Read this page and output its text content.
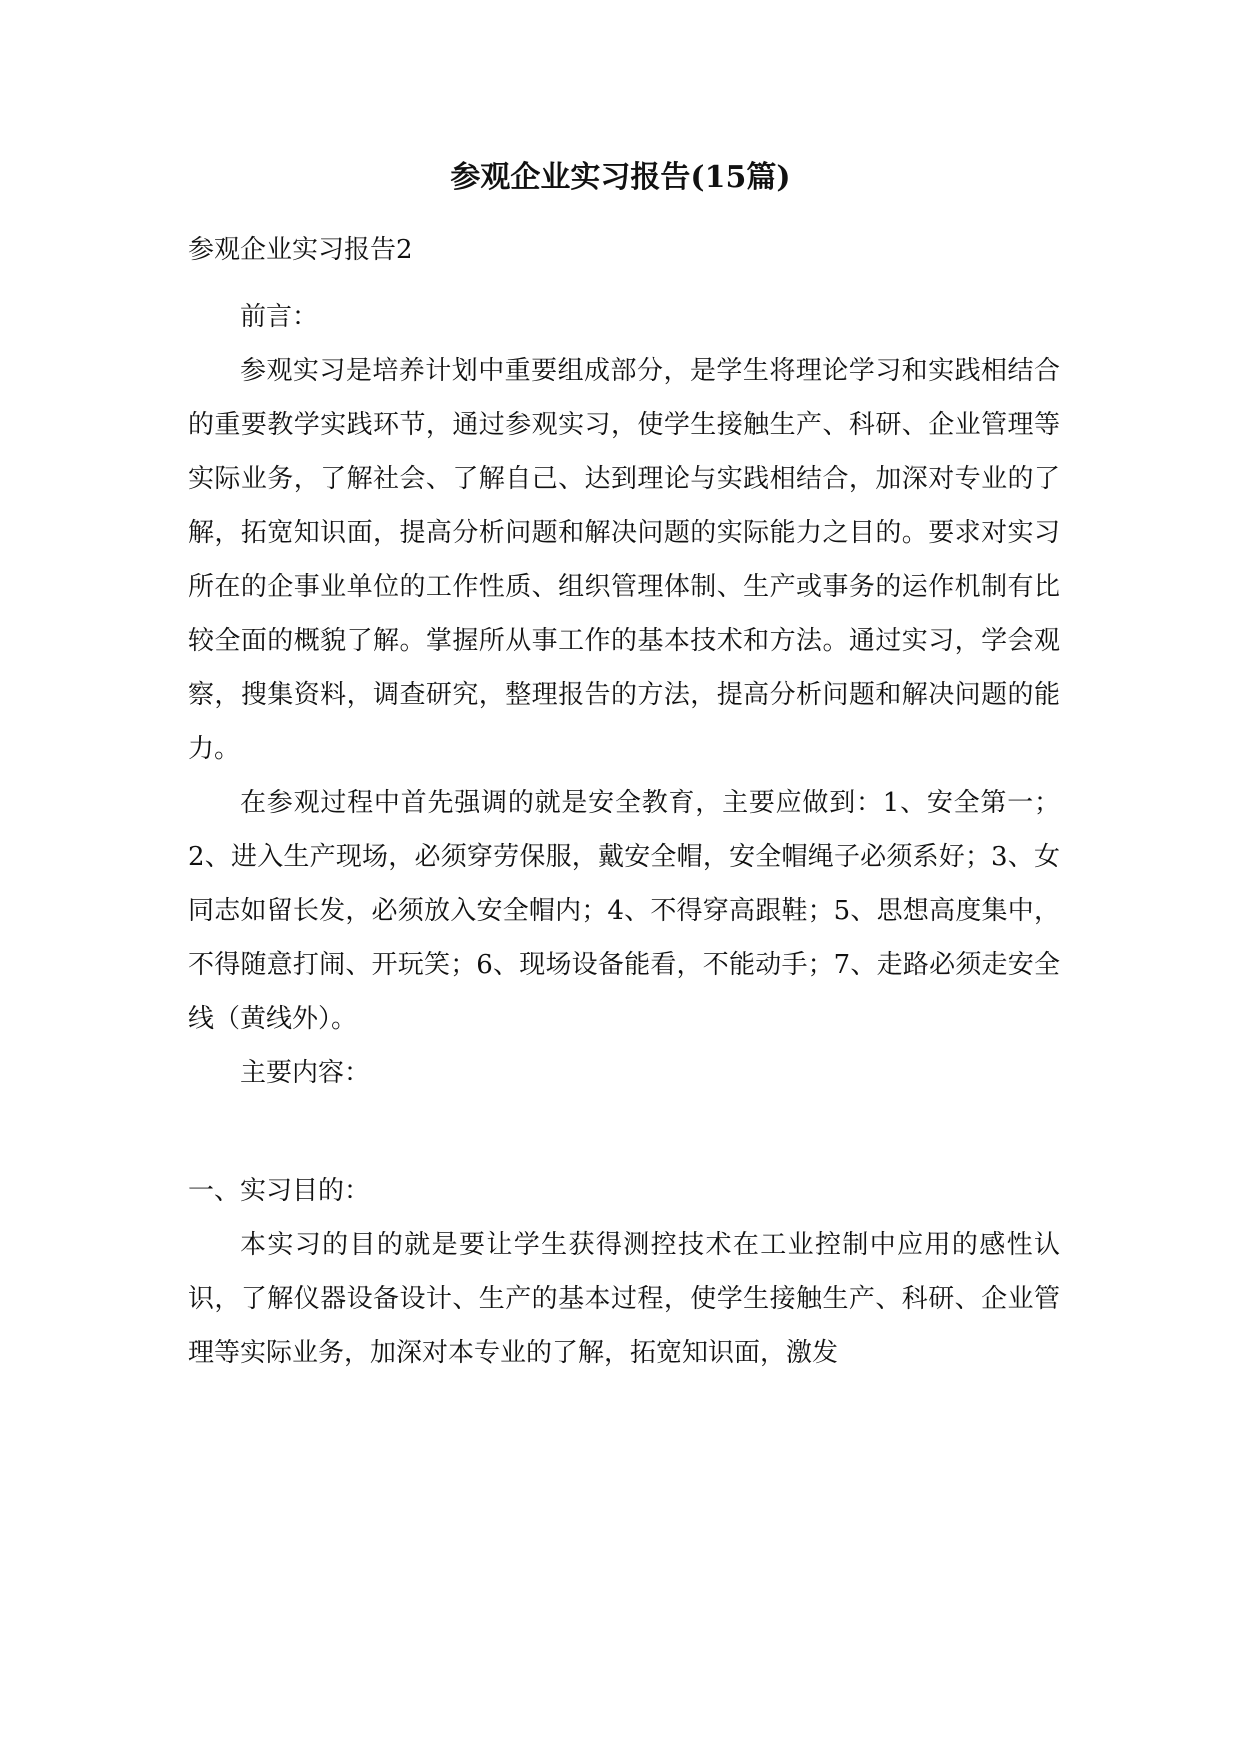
参观企业实习报告(15篇)

参观企业实习报告2

前言：

参观实习是培养计划中重要组成部分，是学生将理论学习和实践相结合的重要教学实践环节，通过参观实习，使学生接触生产、科研、企业管理等实际业务，了解社会、了解自己、达到理论与实践相结合，加深对专业的了解，拓宽知识面，提高分析问题和解决问题的实际能力之目的。要求对实习所在的企事业单位的工作性质、组织管理体制、生产或事务的运作机制有比较全面的概貌了解。掌握所从事工作的基本技术和方法。通过实习，学会观察，搜集资料，调查研究，整理报告的方法，提高分析问题和解决问题的能力。

在参观过程中首先强调的就是安全教育，主要应做到：1、安全第一；2、进入生产现场，必须穿劳保服，戴安全帽，安全帽绳子必须系好；3、女同志如留长发，必须放入安全帽内；4、不得穿高跟鞋；5、思想高度集中，不得随意打闹、开玩笑；6、现场设备能看，不能动手；7、走路必须走安全线（黄线外）。

主要内容：

一、实习目的：

本实习的目的就是要让学生获得测控技术在工业控制中应用的感性认识，了解仪器设备设计、生产的基本过程，使学生接触生产、科研、企业管理等实际业务，加深对本专业的了解，拓宽知识面，激发
